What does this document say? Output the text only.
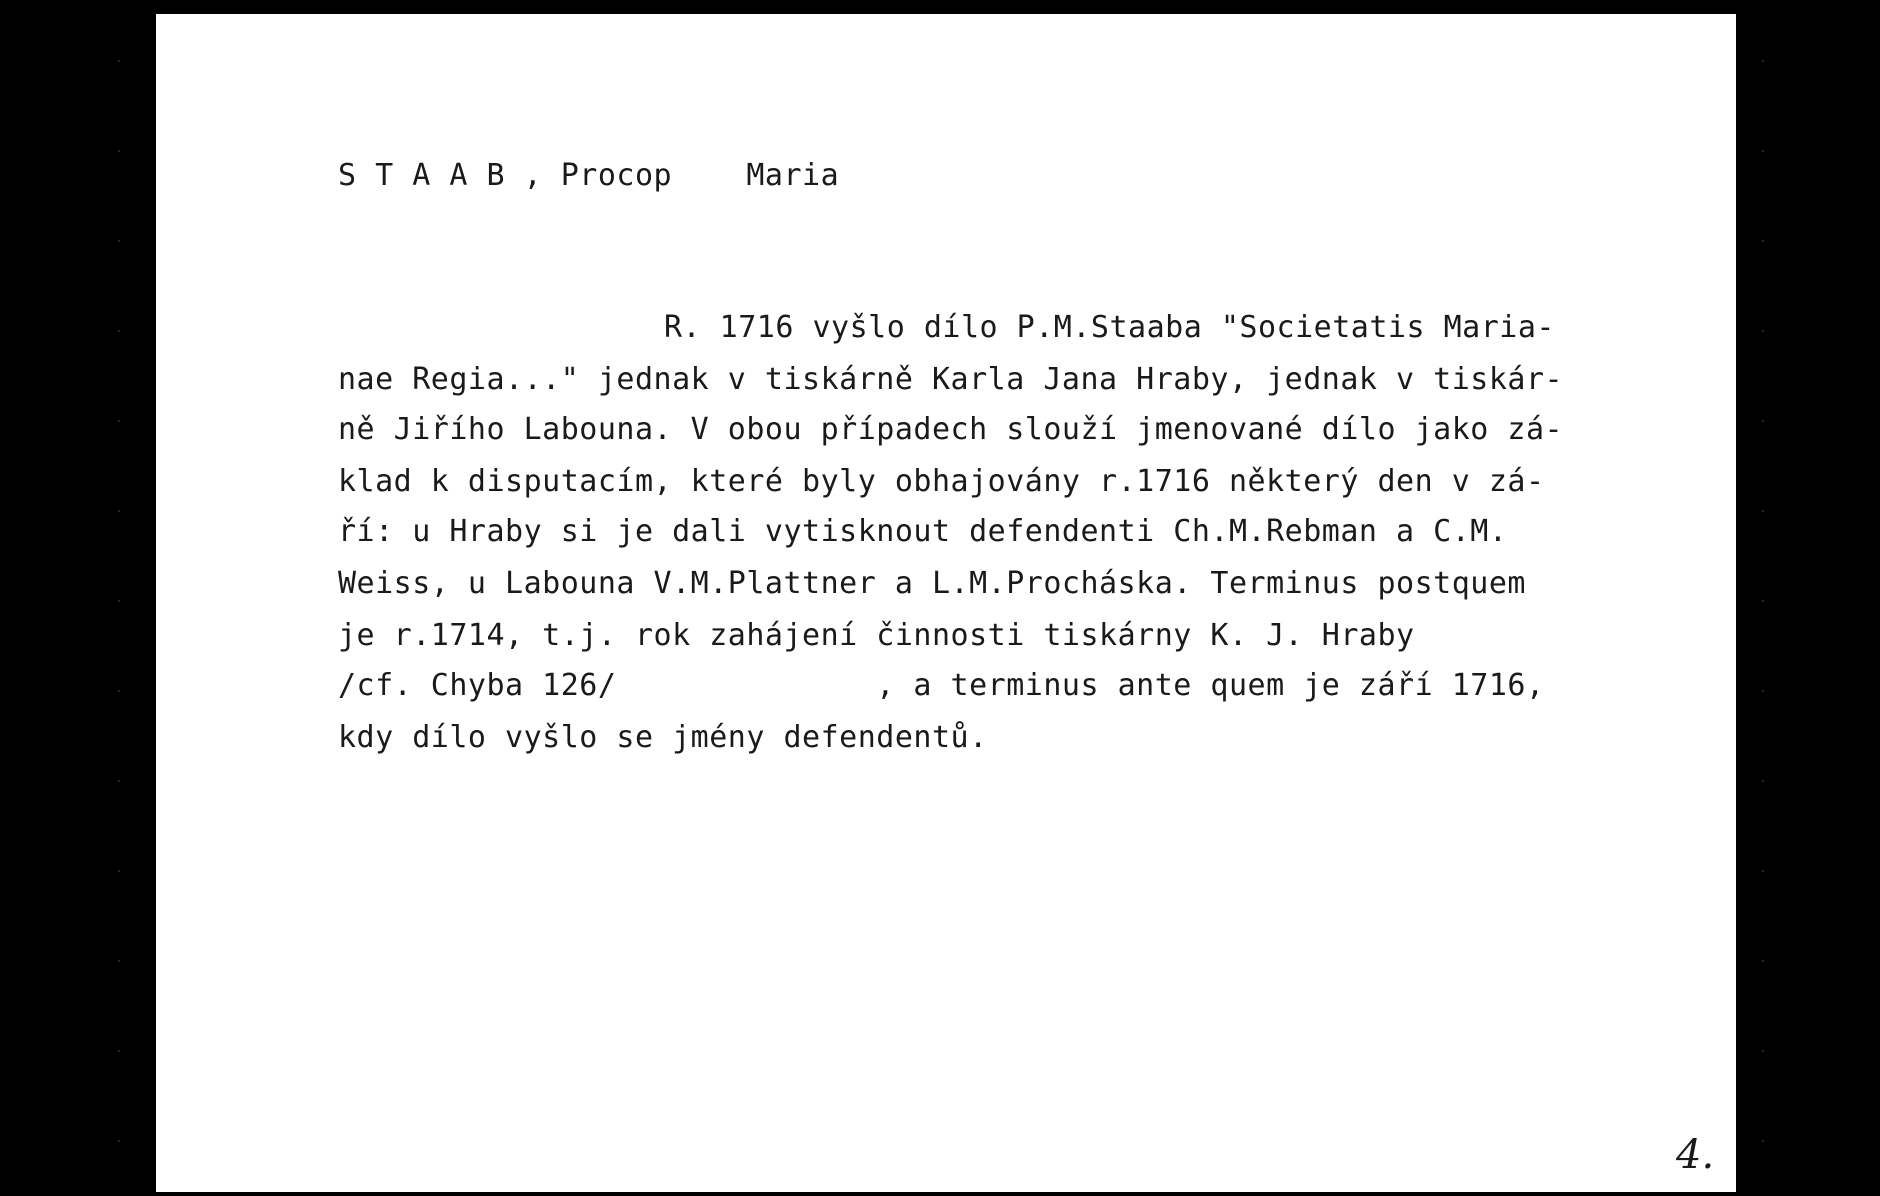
S T A A B , Procop    Maria
R. 1716 vyšlo dílo P.M.Staaba "Societatis Maria-
nae Regia..." jednak v tiskárně Karla Jana Hraby, jednak v tiskár-
ně Jiřího Labouna. V obou případech slouží jmenované dílo jako zá-
klad k disputacím, které byly obhajovány r.1716 některý den v zá-
ří: u Hraby si je dali vytisknout defendenti Ch.M.Rebman a C.M.
Weiss, u Labouna V.M.Plattner a L.M.Procháska. Terminus postquem
je r.1714, t.j. rok zahájení činnosti tiskárny K. J. Hraby
/cf. Chyba 126/              , a terminus ante quem je září 1716,
kdy dílo vyšlo se jmény defendentů.
4.
